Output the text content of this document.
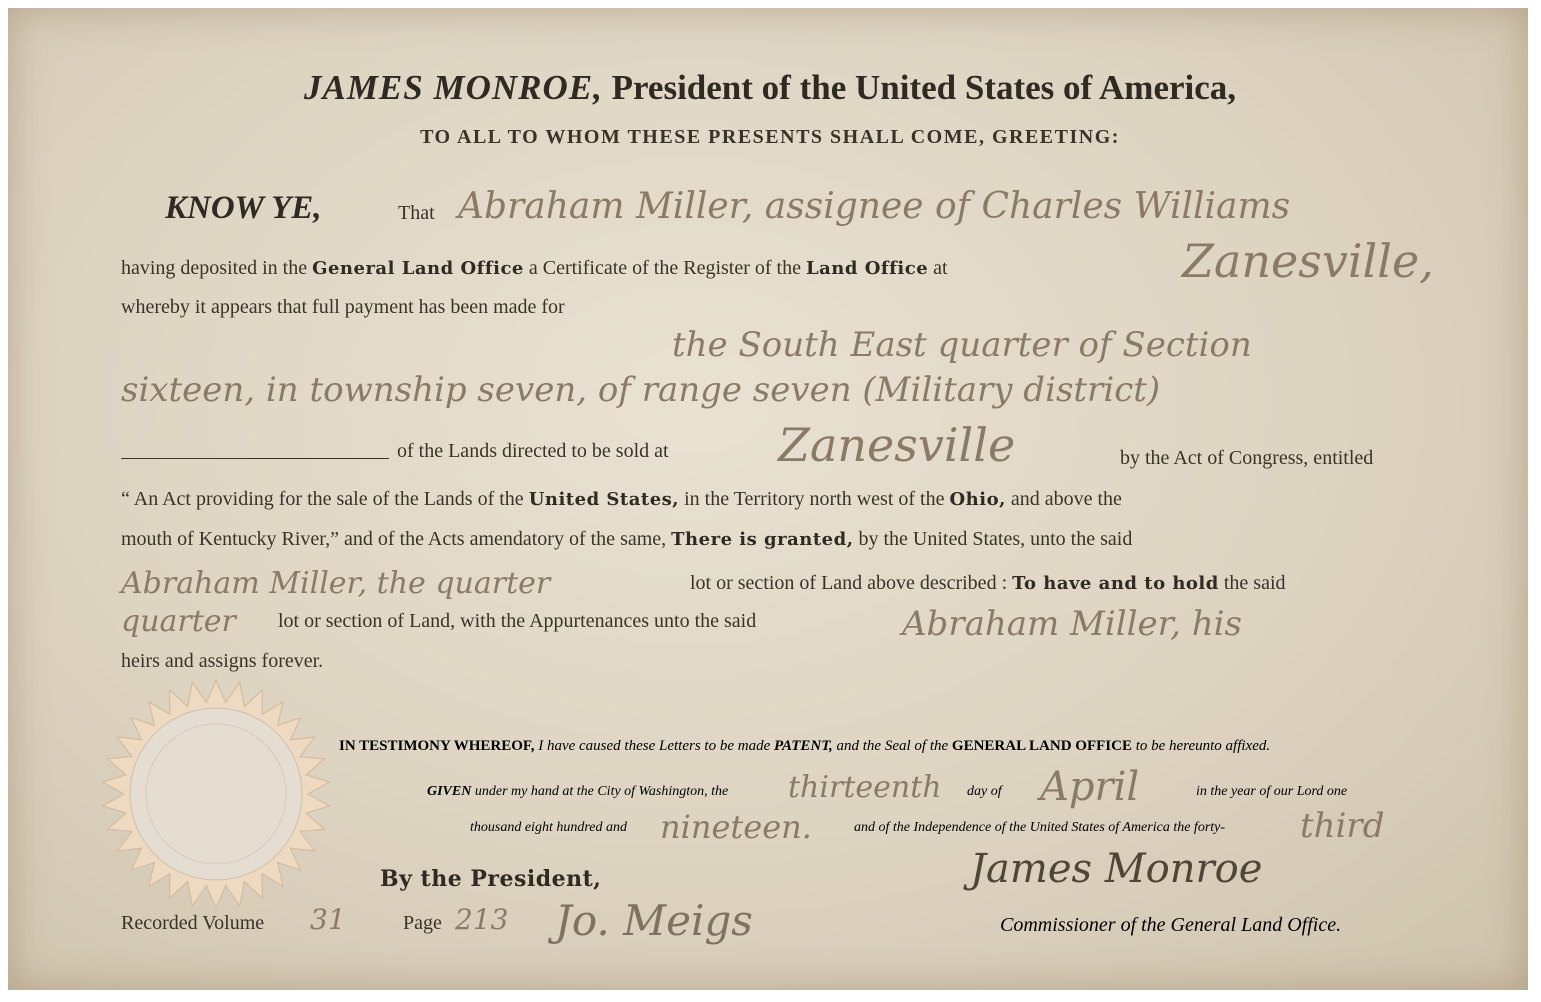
JAMES MONROE, President of the United States of America,
TO ALL TO WHOM THESE PRESENTS SHALL COME, GREETING:
KNOW YE,	That Abraham Miller, assignee of Charles Williams
having deposited in the General Land Office a Certificate of the Register of the Land Office at	Zanesville,
whereby it appears that full payment has been made for
the South East quarter of Section
sixteen, in township seven, of range seven (Military district)
of the Lands directed to be sold at Zanesville	by the Act of Congress, entitled
“ An Act providing for the sale of the Lands of the United States, in the Territory north west of the Ohio, and above the
mouth of Kentucky River,” and of the Acts amendatory of the same, There is granted, by the United States, unto the said
Abraham Miller, the quarter	lot or section of Land above described : To have and to hold the said
quarter lot or section of Land, with the Appurtenances unto the said	Abraham Miller, his
heirs and assigns forever.
IN TESTIMONY WHEREOF, I have caused these Letters to be made PATENT, and the Seal of the GENERAL LAND OFFICE to be hereunto affixed.
GIVEN under my hand at the City of Washington, the thirteenth day of April	in the year of our Lord one
thousand eight hundred and nineteen.	and of the Independence of the United States of America the forty- third
By the President,	James Monroe
Recorded Volume 31	Page 213 Jo. Meigs	Commissioner of the General Land Office.
